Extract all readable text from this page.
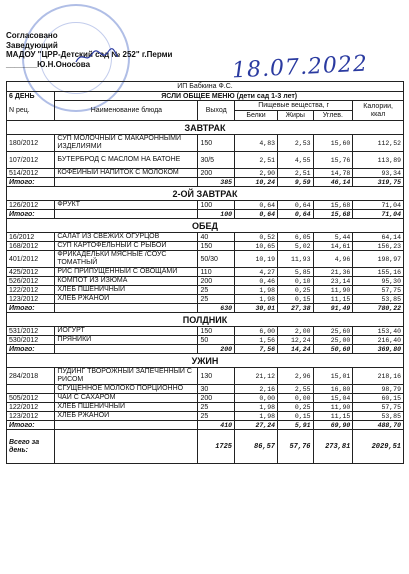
Согласовано
Заведующий
МАДОУ "ЦРР-Детский сад № 252" г.Перми
_______Ю.Н.Оносова	18.07.2022
ИП Бабкина Ф.С.						
6 ДЕНЬ	ЯСЛИ ОБЩЕЕ МЕНЮ (дети сад 1-3 лет)					
N рец.	Наименование блюда	Выход	Пищевые вещества, г			Калории, ккал
			Белки	Жиры	Углев.	
ЗАВТРАК						
180/2012	СУП МОЛОЧНЫЙ С МАКАРОННЫМИ ИЗДЕЛИЯМИ	150	4,83	2,53	15,60	112,52
107/2012	БУТЕРБРОД С МАСЛОМ НА БАТОНЕ	30/5	2,51	4,55	15,76	113,89
514/2012	КОФЕЙНЫЙ НАПИТОК С МОЛОКОМ	200	2,90	2,51	14,78	93,34
Итого:		385	10,24	9,59	46,14	319,75
2-ОЙ ЗАВТРАК						
126/2012	ФРУКТ	100	0,64	0,64	15,68	71,04
Итого:		100	0,64	0,64	15,68	71,04
ОБЕД						
16/2012	САЛАТ ИЗ СВЕЖИХ ОГУРЦОВ	40	0,52	6,05	5,44	64,14
168/2012	СУП КАРТОФЕЛЬНЫЙ С РЫБОЙ	150	10,65	5,02	14,61	156,23
401/2012	ФРИКАДЕЛЬКИ МЯСНЫЕ /СОУС ТОМАТНЫЙ	50/30	10,19	11,93	4,96	198,97
425/2012	РИС ПРИПУЩЕННЫЙ С ОВОЩАМИ	110	4,27	5,85	21,36	155,16
526/2012	КОМПОТ ИЗ ИЗЮМА	200	0,46	0,10	23,14	95,30
122/2012	ХЛЕБ ПШЕНИЧНЫЙ	25	1,98	0,25	11,90	57,75
123/2012	ХЛЕБ РЖАНОЙ	25	1,98	0,15	11,15	53,85
Итого:		630	30,01	27,38	91,49	780,22
ПОЛДНИК						
531/2012	ЙОГУРТ	150	6,00	2,00	25,60	153,40
530/2012	ПРЯНИКИ	50	1,56	12,24	25,00	216,40
Итого:		200	7,56	14,24	50,60	369,80
УЖИН						
284/2018	ПУДИНГ ТВОРОЖНЫЙ ЗАПЕЧЕННЫЙ С РИСОМ	130	21,12	2,96	15,01	218,16
	СГУЩЕННОЕ МОЛОКО ПОРЦИОННО	30	2,16	2,55	16,80	98,79
505/2012	ЧАЙ С САХАРОМ	200	0,00	0,00	15,04	60,15
122/2012	ХЛЕБ ПШЕНИЧНЫЙ	25	1,98	0,25	11,90	57,75
123/2012	ХЛЕБ РЖАНОЙ	25	1,98	0,15	11,15	53,85
Итого:		410	27,24	5,91	69,90	488,70
Всего за день:		1725	86,57	57,76	273,81	2029,51
